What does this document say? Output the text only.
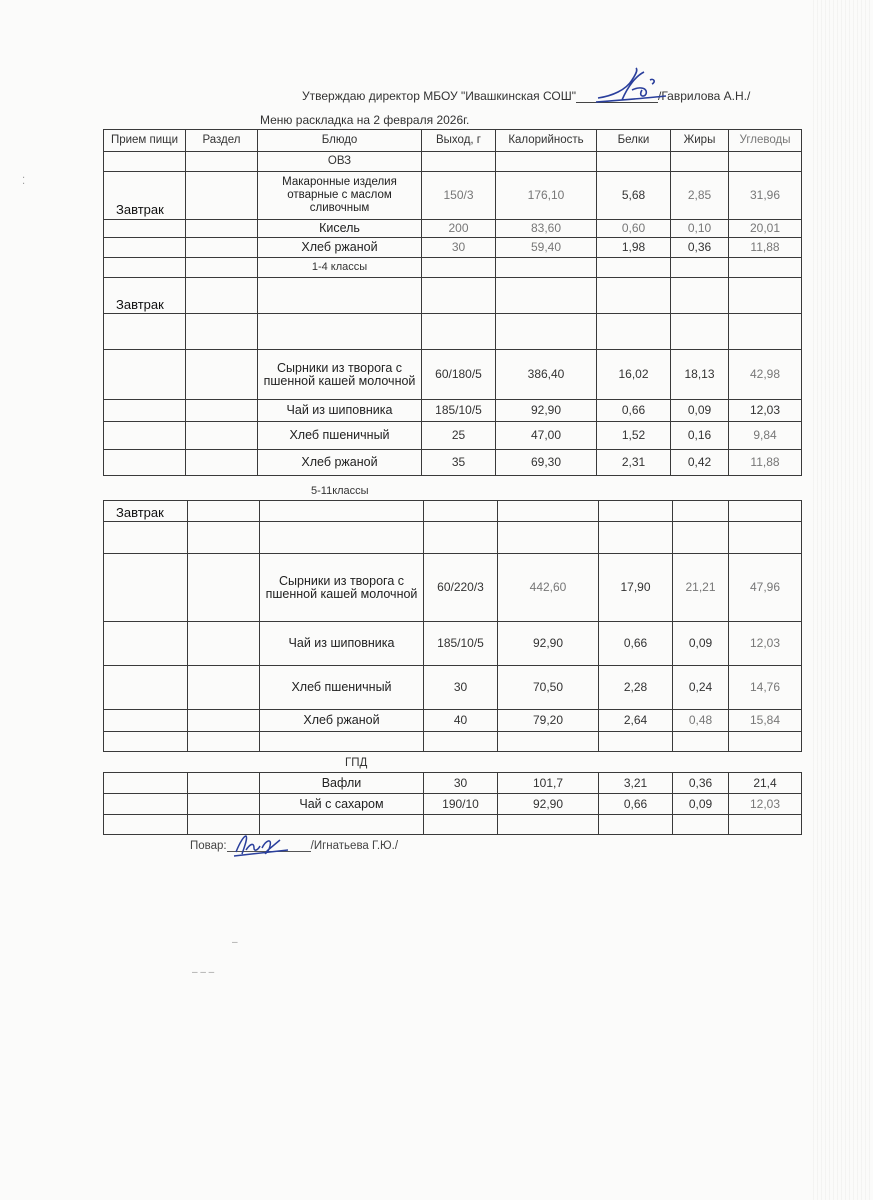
Утверждаю директор МБОУ "Ивашкинская СОШ"	/Гаврилова А.Н./
Меню раскладка на 2 февраля 2026г.
Прием пищи	Раздел	Блюдо	Выход, г	Калорийность	Белки	Жиры	Углеводы
		ОВЗ					
Завтрак		Макаронные изделия отварные с маслом сливочным	150/3	176,10	5,68	2,85	31,96
		Кисель	200	83,60	0,60	0,10	20,01
		Хлеб ржаной	30	59,40	1,98	0,36	11,88
		1-4 классы					
Завтрак							

		Сырники из творога с пшенной кашей молочной	60/180/5	386,40	16,02	18,13	42,98
		Чай из шиповника	185/10/5	92,90	0,66	0,09	12,03
		Хлеб пшеничный	25	47,00	1,52	0,16	9,84
		Хлеб ржаной	35	69,30	2,31	0,42	11,88
5-11классы
Завтрак							

		Сырники из творога с пшенной кашей молочной	60/220/3	442,60	17,90	21,21	47,96
		Чай из шиповника	185/10/5	92,90	0,66	0,09	12,03
		Хлеб пшеничный	30	70,50	2,28	0,24	14,76
		Хлеб ржаной	40	79,20	2,64	0,48	15,84

ГПД
		Вафли	30	101,7	3,21	0,36	21,4
		Чай с сахаром	190/10	92,90	0,66	0,09	12,03

Повар:	/Игнатьева Г.Ю./
⁚
–
– – –
